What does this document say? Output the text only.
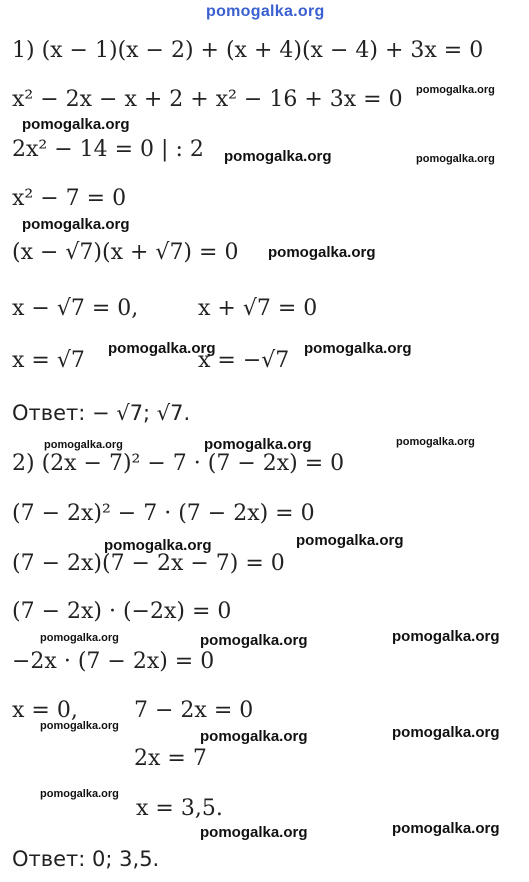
pomogalka.org
1) (x − 1)(x − 2) + (x + 4)(x − 4) + 3x = 0
x² − 2x − x + 2 + x² − 16 + 3x = 0
2x² − 14 = 0 | : 2
x² − 7 = 0
(x − √7)(x + √7) = 0
x − √7 = 0,	x + √7 = 0
x = √7	x = −√7
Ответ: − √7; √7.
2) (2x − 7)² − 7 · (7 − 2x) = 0
(7 − 2x)² − 7 · (7 − 2x) = 0
(7 − 2x)(7 − 2x − 7) = 0
(7 − 2x) · (−2x) = 0
−2x · (7 − 2x) = 0
x = 0,	7 − 2x = 0
2x = 7
x = 3,5.
Ответ: 0; 3,5.
pomogalka.org
pomogalka.org
pomogalka.org	pomogalka.org
pomogalka.org
pomogalka.org
pomogalka.org	pomogalka.org
pomogalka.org	pomogalka.org	pomogalka.org
pomogalka.org	pomogalka.org
pomogalka.org	pomogalka.org	pomogalka.org
pomogalka.org
pomogalka.org	pomogalka.org
pomogalka.org
pomogalka.org	pomogalka.org
